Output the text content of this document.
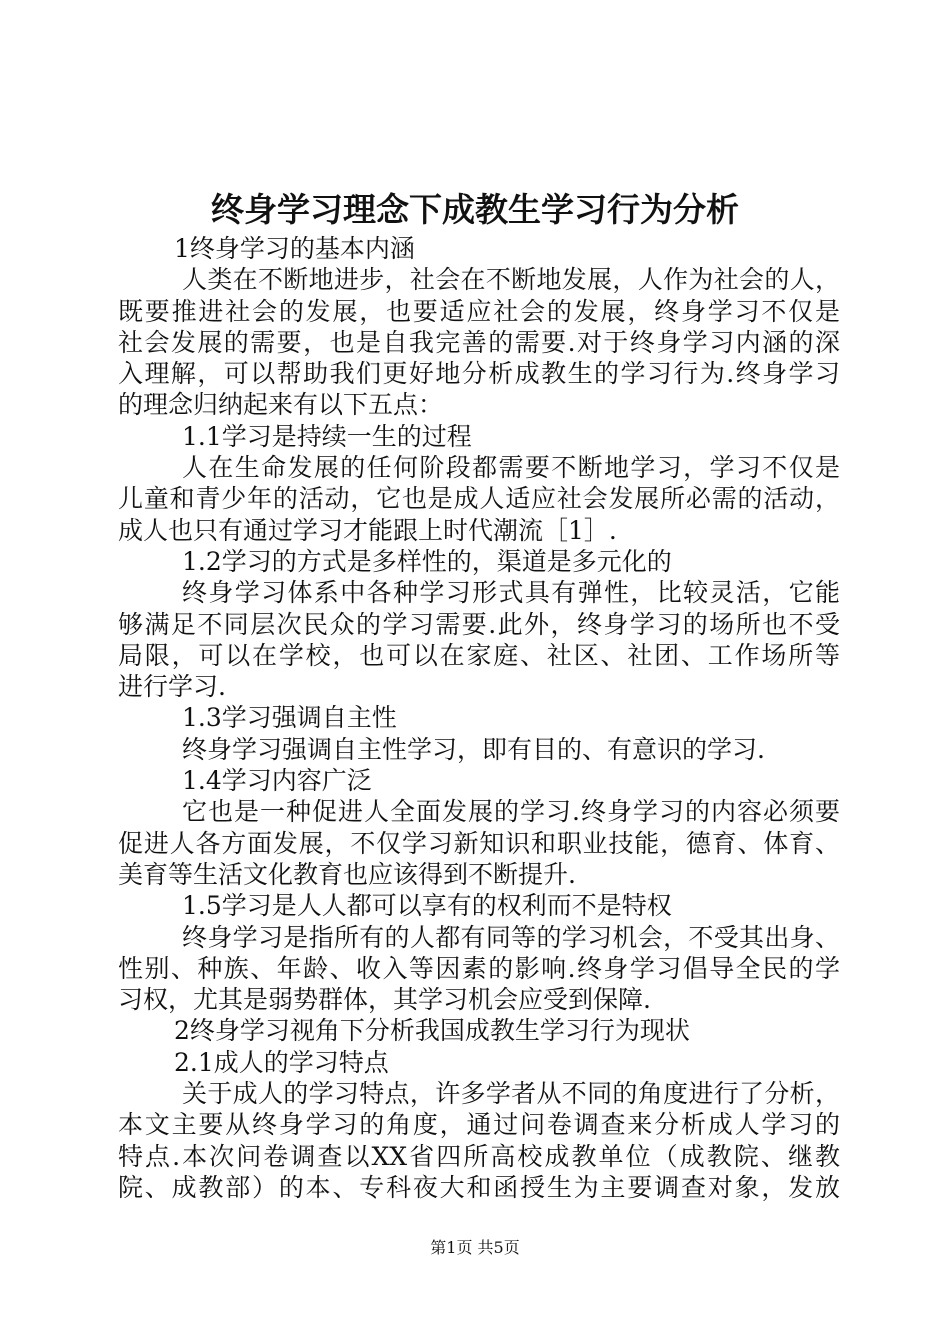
终身学习理念下成教生学习行为分析
1终身学习的基本内涵
人类在不断地进步，社会在不断地发展，人作为社会的人，
既要推进社会的发展，也要适应社会的发展，终身学习不仅是
社会发展的需要，也是自我完善的需要.对于终身学习内涵的深
入理解，可以帮助我们更好地分析成教生的学习行为.终身学习
的理念归纳起来有以下五点：
1.1学习是持续一生的过程
人在生命发展的任何阶段都需要不断地学习，学习不仅是
儿童和青少年的活动，它也是成人适应社会发展所必需的活动，
成人也只有通过学习才能跟上时代潮流［1］.
1.2学习的方式是多样性的，渠道是多元化的
终身学习体系中各种学习形式具有弹性，比较灵活，它能
够满足不同层次民众的学习需要.此外，终身学习的场所也不受
局限，可以在学校，也可以在家庭、社区、社团、工作场所等
进行学习.
1.3学习强调自主性
终身学习强调自主性学习，即有目的、有意识的学习.
1.4学习内容广泛
它也是一种促进人全面发展的学习.终身学习的内容必须要
促进人各方面发展，不仅学习新知识和职业技能，德育、体育、
美育等生活文化教育也应该得到不断提升.
1.5学习是人人都可以享有的权利而不是特权
终身学习是指所有的人都有同等的学习机会，不受其出身、
性别、种族、年龄、收入等因素的影响.终身学习倡导全民的学
习权，尤其是弱势群体，其学习机会应受到保障.
2终身学习视角下分析我国成教生学习行为现状
2.1成人的学习特点
关于成人的学习特点，许多学者从不同的角度进行了分析，
本文主要从终身学习的角度，通过问卷调查来分析成人学习的
特点.本次问卷调查以XX省四所高校成教单位（成教院、继教
院、成教部）的本、专科夜大和函授生为主要调查对象，发放
第1页 共5页
